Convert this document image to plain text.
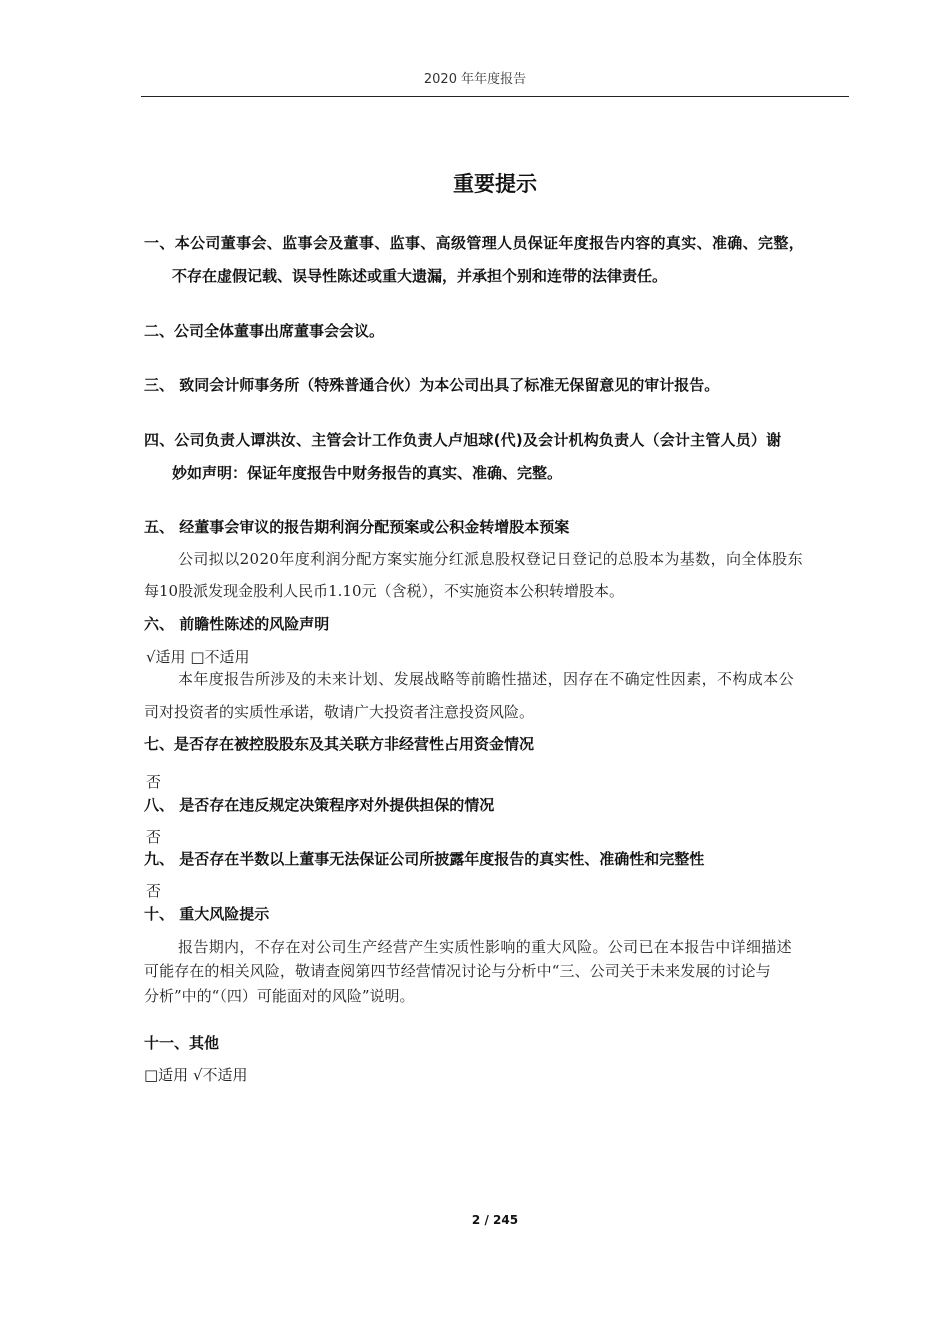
2020 年年度报告
重要提示
一、本公司董事会、监事会及董事、监事、高级管理人员保证年度报告内容的真实、准确、完整，
不存在虚假记载、误导性陈述或重大遗漏，并承担个别和连带的法律责任。
二、公司全体董事出席董事会会议。
三、 致同会计师事务所（特殊普通合伙）为本公司出具了标准无保留意见的审计报告。
四、公司负责人谭洪汝、主管会计工作负责人卢旭球(代)及会计机构负责人（会计主管人员）谢
妙如声明：保证年度报告中财务报告的真实、准确、完整。
五、 经董事会审议的报告期利润分配预案或公积金转增股本预案
公司拟以2020年度利润分配方案实施分红派息股权登记日登记的总股本为基数，向全体股东
每10股派发现金股利人民币1.10元（含税），不实施资本公积转增股本。
六、 前瞻性陈述的风险声明
√适用 □不适用
本年度报告所涉及的未来计划、发展战略等前瞻性描述，因存在不确定性因素，不构成本公
司对投资者的实质性承诺，敬请广大投资者注意投资风险。
七、是否存在被控股股东及其关联方非经营性占用资金情况
否
八、 是否存在违反规定决策程序对外提供担保的情况
否
九、 是否存在半数以上董事无法保证公司所披露年度报告的真实性、准确性和完整性
否
十、 重大风险提示
报告期内，不存在对公司生产经营产生实质性影响的重大风险。公司已在本报告中详细描述
可能存在的相关风险，敬请查阅第四节经营情况讨论与分析中“三、公司关于未来发展的讨论与
分析”中的“（四）可能面对的风险”说明。
十一、其他
□适用 √不适用
2 / 245
